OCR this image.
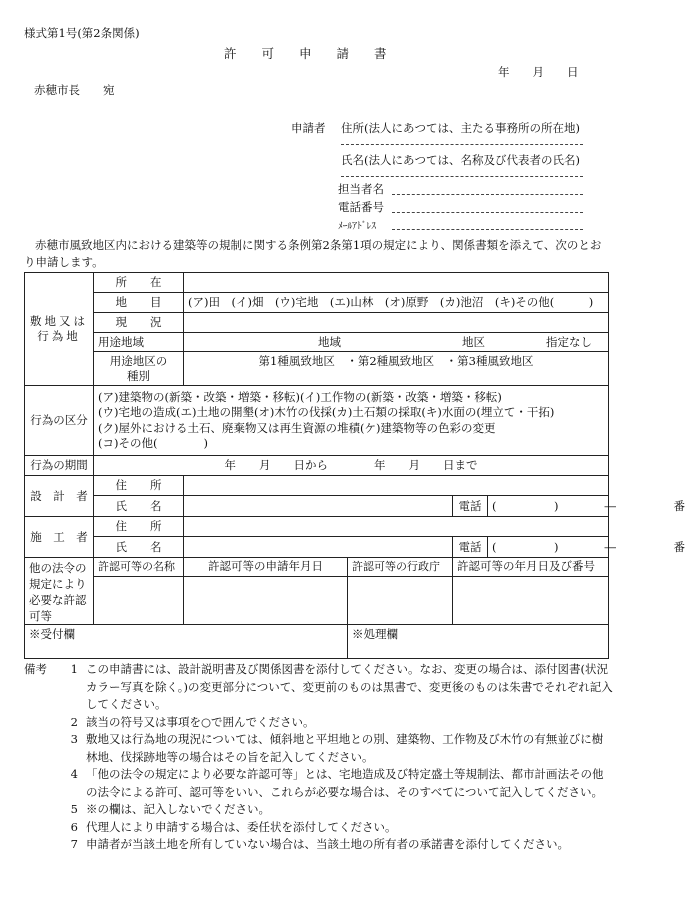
様式第1号(第2条関係)
許　　可　　申　　請　　書
年　　月　　日
赤穂市長　　宛
申請者 住所(法人にあつては、主たる事務所の所在地)
氏名(法人にあつては、名称及び代表者の氏名)
担当者名
電話番号
ﾒｰﾙｱﾄﾞﾚｽ
赤穂市風致地区内における建築等の規制に関する条例第2条第1項の規定により、関係書類を添えて、次のとおり申請します。
敷地又は行為地	所　　在				
	地　　目	(ア)田　(イ)畑　(ウ)宅地　(エ)山林　(オ)原野　(カ)池沼　(キ)その他(　　　)			
	現　　況				
	用途地域	地域 地区 指定なし			

	用途地区の種別	第1種風致地区　・第2種風致地区　・第3種風致地区			

行為の区分	(ア)建築物の(新築・改築・増築・移転)(イ)工作物の(新築・改築・増築・移転)
(ウ)宅地の造成(エ)土地の開墾(オ)木竹の伐採(カ)土石類の採取(キ)水面の(埋立て・干拓)
(ク)屋外における土石、廃棄物又は再生資源の堆積(ケ)建築物等の色彩の変更
(コ)その他(　　　　)				

行為の期間	年　　月　　日から　　　　年　　月　　日まで				
設　計　者	住　　所				
	氏　　名			電話	(　　　　　)　　　　―　　　　　番
施　工　者	住　　所				
	氏　　名			電話	(　　　　　)　　　　―　　　　　番
他の法令の規定により必要な許認可等	許認可等の名称	許認可等の申請年月日	許認可等の行政庁	許認可等の年月日及び番号	

※受付欄			※処理欄		
備考	1 この申請書には、設計説明書及び関係図書を添付してください。なお、変更の場合は、添付図書(状況カラー写真を除く。)の変更部分について、変更前のものは黒書で、変更後のものは朱書でそれぞれ記入してください。
2 該当の符号又は事項を○で囲んでください。
3 敷地又は行為地の現況については、傾斜地と平坦地との別、建築物、工作物及び木竹の有無並びに樹林地、伐採跡地等の場合はその旨を記入してください。
4 「他の法令の規定により必要な許認可等」とは、宅地造成及び特定盛土等規制法、都市計画法その他の法令による許可、認可等をいい、これらが必要な場合は、そのすべてについて記入してください。
5 ※の欄は、記入しないでください。
6 代理人により申請する場合は、委任状を添付してください。
7 申請者が当該土地を所有していない場合は、当該土地の所有者の承諾書を添付してください。
